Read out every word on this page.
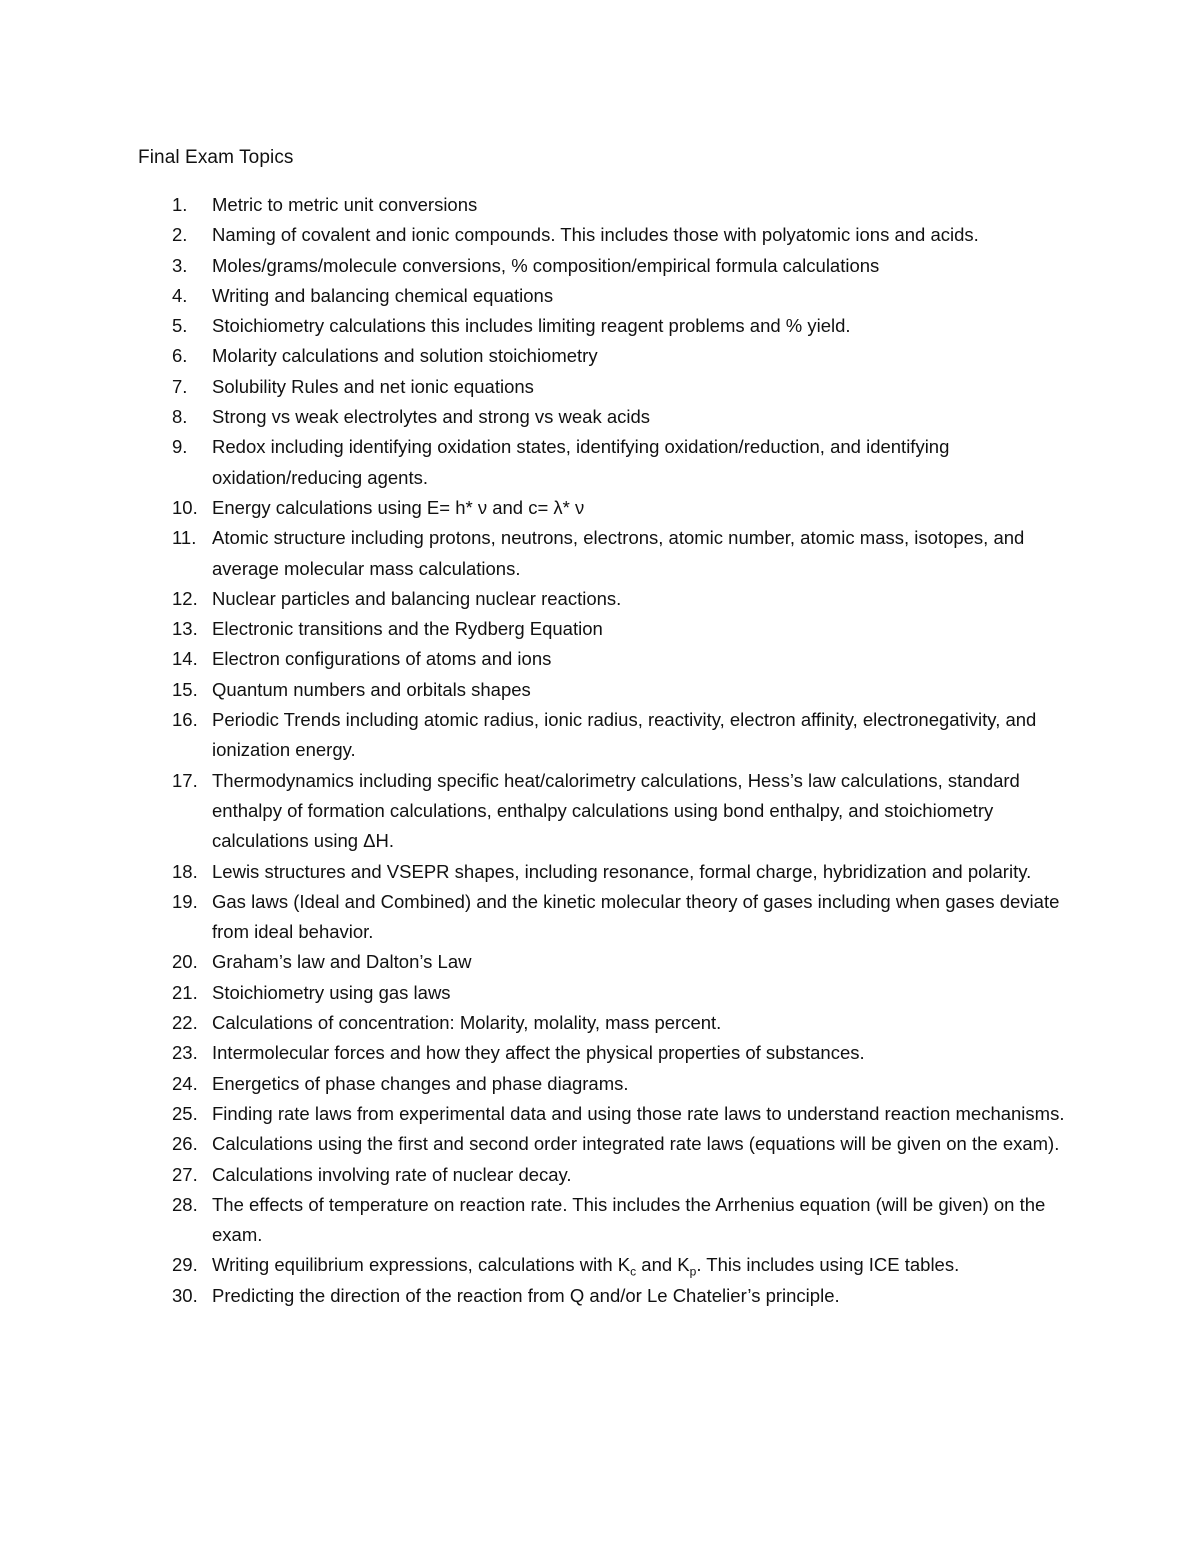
Final Exam Topics
1.	Metric to metric unit conversions
2.	Naming of covalent and ionic compounds. This includes those with polyatomic ions and acids.
3.	Moles/grams/molecule conversions, % composition/empirical formula calculations
4.	Writing and balancing chemical equations
5.	Stoichiometry calculations this includes limiting reagent problems and % yield.
6.	Molarity calculations and solution stoichiometry
7.	Solubility Rules and net ionic equations
8.	Strong vs weak electrolytes and strong vs weak acids
9.	Redox including identifying oxidation states, identifying oxidation/reduction, and identifying oxidation/reducing agents.
10. Energy calculations using E= h* ν and c= λ* ν
11. Atomic structure including protons, neutrons, electrons, atomic number, atomic mass, isotopes, and average molecular mass calculations.
12. Nuclear particles and balancing nuclear reactions.
13. Electronic transitions and the Rydberg Equation
14. Electron configurations of atoms and ions
15. Quantum numbers and orbitals shapes
16. Periodic Trends including atomic radius, ionic radius, reactivity, electron affinity, electronegativity, and ionization energy.
17. Thermodynamics including specific heat/calorimetry calculations, Hess’s law calculations, standard enthalpy of formation calculations, enthalpy calculations using bond enthalpy, and stoichiometry calculations using ΔH.
18. Lewis structures and VSEPR shapes, including resonance, formal charge, hybridization and polarity.
19. Gas laws (Ideal and Combined) and the kinetic molecular theory of gases including when gases deviate from ideal behavior.
20. Graham’s law and Dalton’s Law
21. Stoichiometry using gas laws
22. Calculations of concentration: Molarity, molality, mass percent.
23. Intermolecular forces and how they affect the physical properties of substances.
24. Energetics of phase changes and phase diagrams.
25. Finding rate laws from experimental data and using those rate laws to understand reaction mechanisms.
26. Calculations using the first and second order integrated rate laws (equations will be given on the exam).
27. Calculations involving rate of nuclear decay.
28. The effects of temperature on reaction rate. This includes the Arrhenius equation (will be given) on the exam.
29. Writing equilibrium expressions, calculations with $K_c$ and $K_p$. This includes using ICE tables.
30. Predicting the direction of the reaction from Q and/or Le Chatelier’s principle.
